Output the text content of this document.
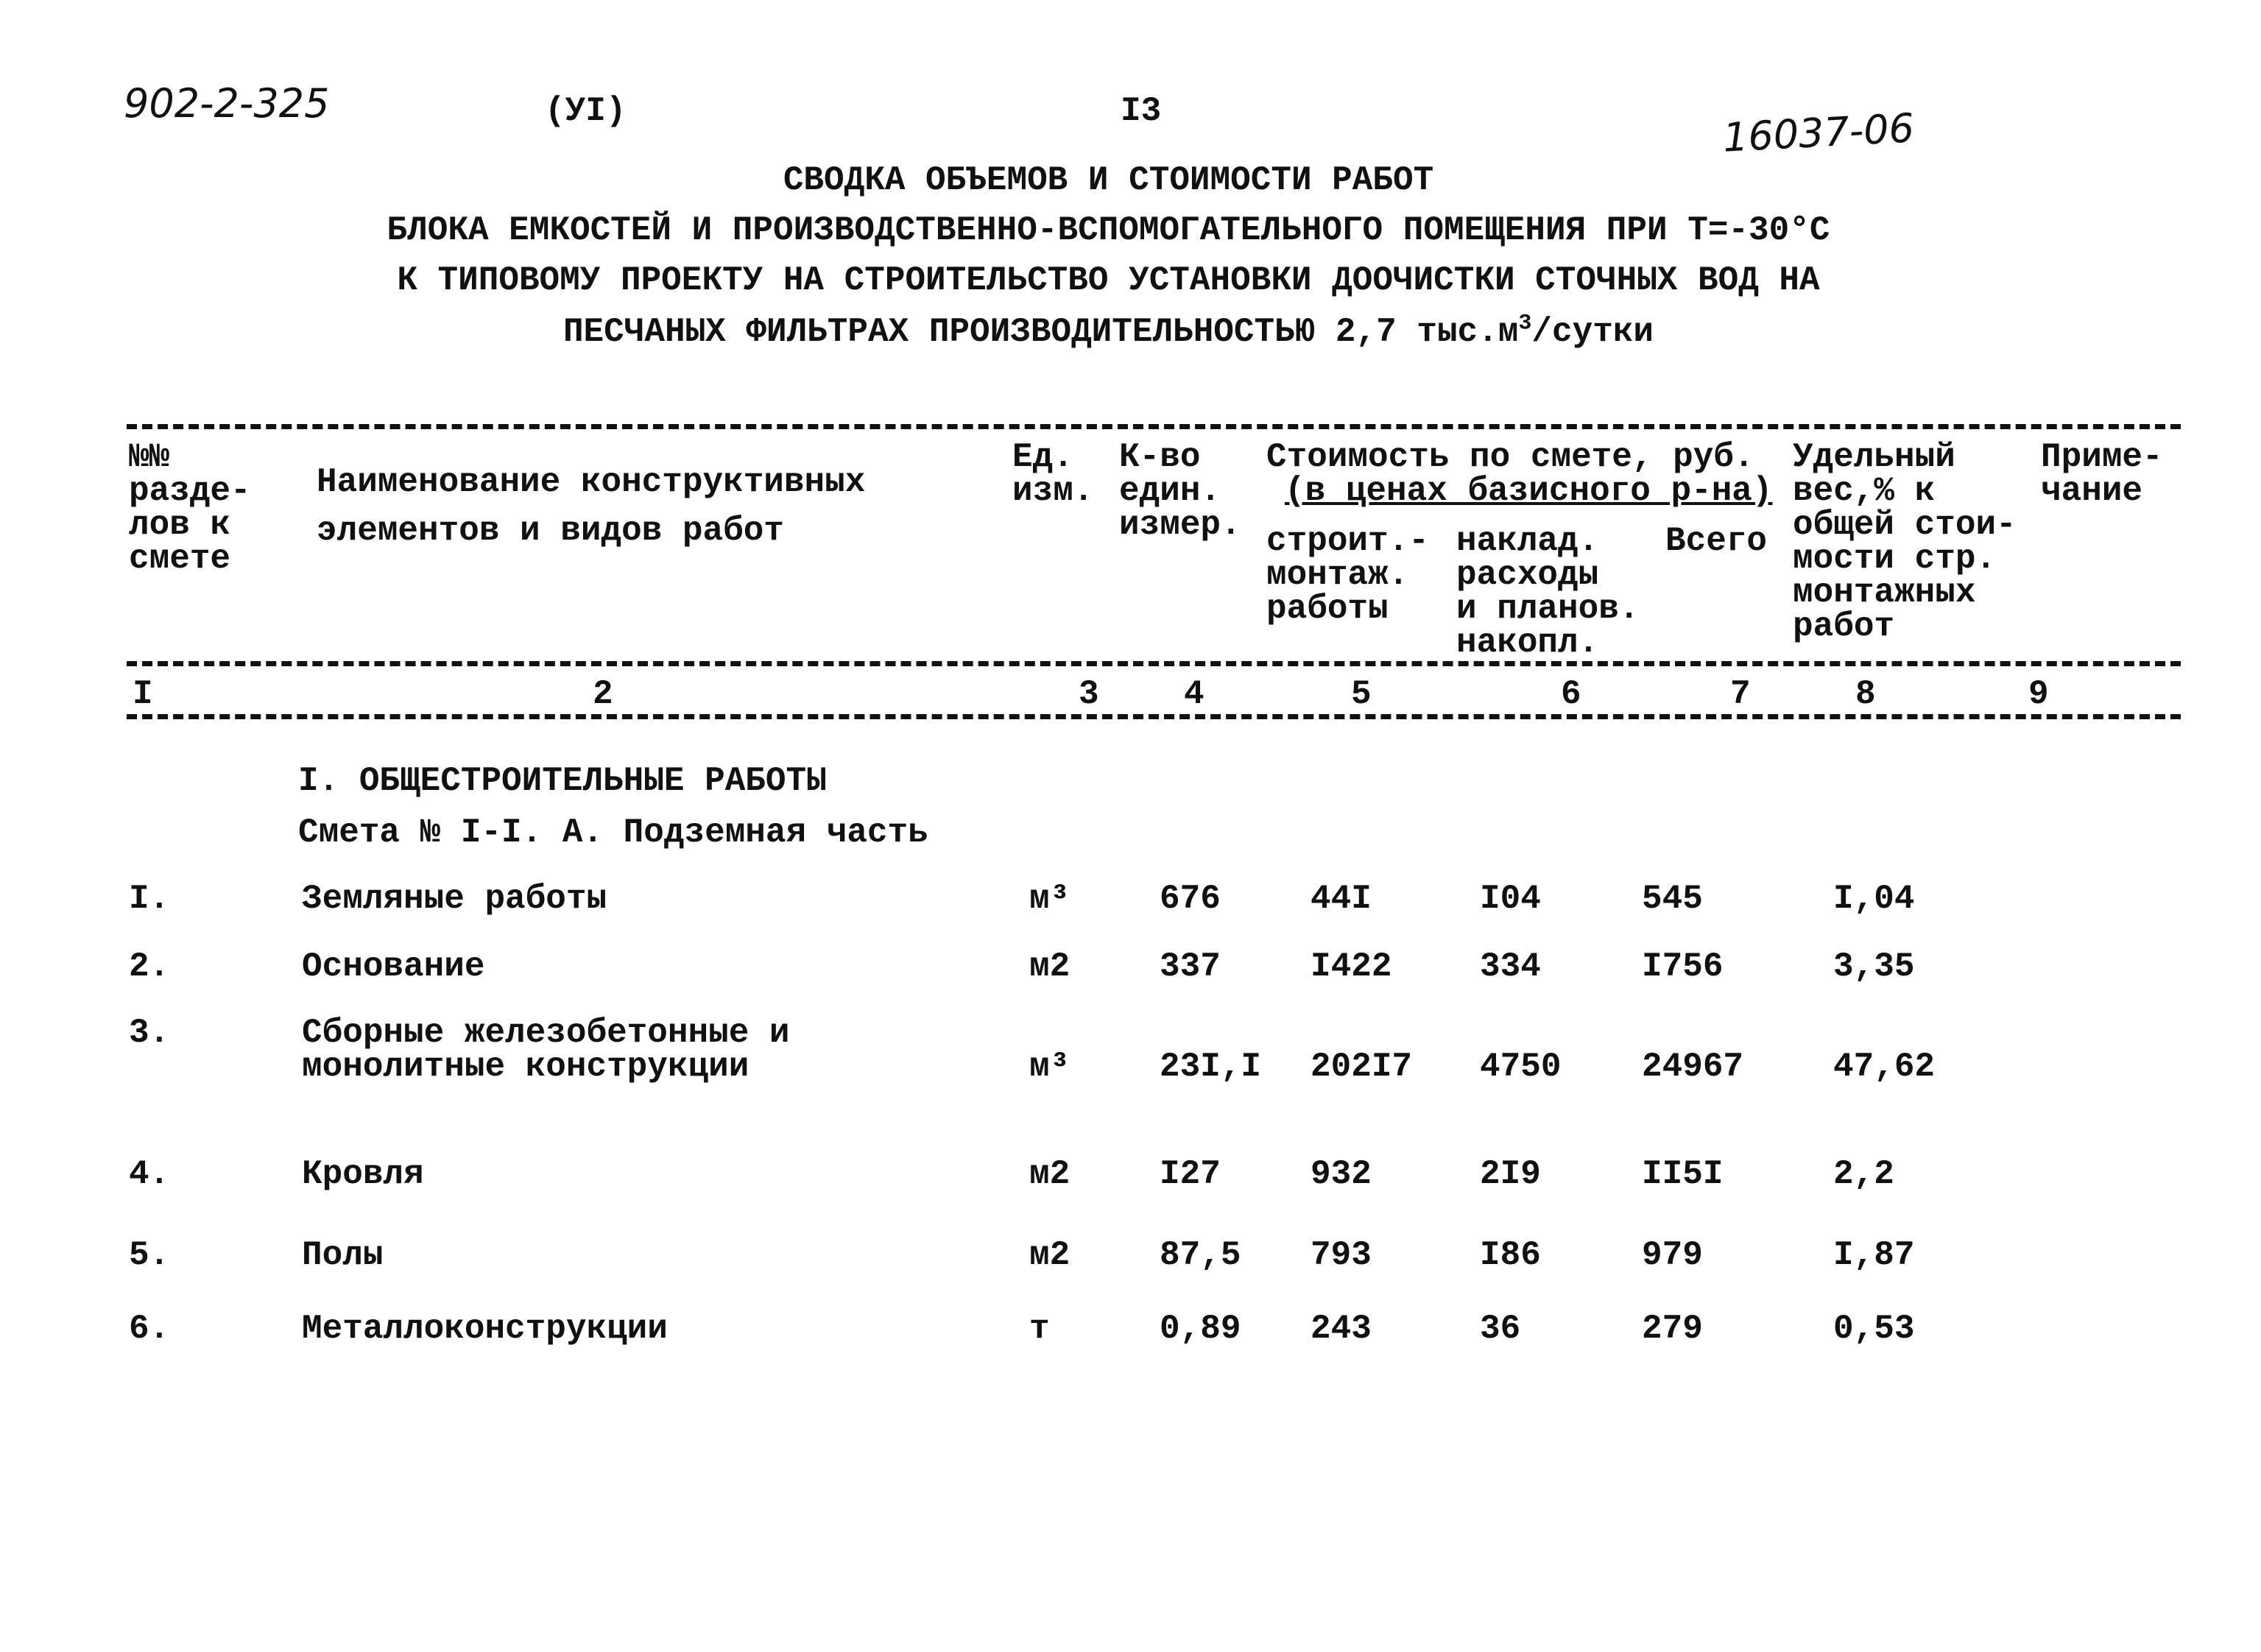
902-2-325	(УI)	I3	16037-06
СВОДКА ОБЪЕМОВ И СТОИМОСТИ РАБОТ
БЛОКА ЕМКОСТЕЙ И ПРОИЗВОДСТВЕННО-ВСПОМОГАТЕЛЬНОГО ПОМЕЩЕНИЯ ПРИ Т=-30°С
К ТИПОВОМУ ПРОЕКТУ НА СТРОИТЕЛЬСТВО УСТАНОВКИ ДООЧИСТКИ СТОЧНЫХ ВОД НА
ПЕСЧАНЫХ ФИЛЬТРАХ ПРОИЗВОДИТЕЛЬНОСТЬЮ 2,7 $тыс.м^3$/сутки
№№
разде-
лов к
смете
Наименование конструктивных
элементов и видов работ
Ед.
изм.
К-во
един.
измер.
Стоимость по смете, руб.
(в ценах базисного р-на)
строит.-
монтаж.
работы
наклад.
расходы
и планов.
накопл.
Всего
Удельный
вес,% к
общей стои-
мости стр.
монтажных
работ
Приме-
чание
I	2	3	4	5	6	7	8	9
I. ОБЩЕСТРОИТЕЛЬНЫЕ РАБОТЫ
Смета № I-I. А. Подземная часть
I.	Земляные работы	м³	676	44I	I04	545	I,04
2.	Основание	м2	337	I422	334	I756	3,35
3.	Сборные железобетонные и
монолитные конструкции	м³	23I,I 202I7 4750 24967	47,62
4.	Кровля	м2	I27	932	2I9	II5I	2,2
5.	Полы	м2	87,5 793	I86	979	I,87
6.	Металлоконструкции	т	0,89 243	36	279	0,53
